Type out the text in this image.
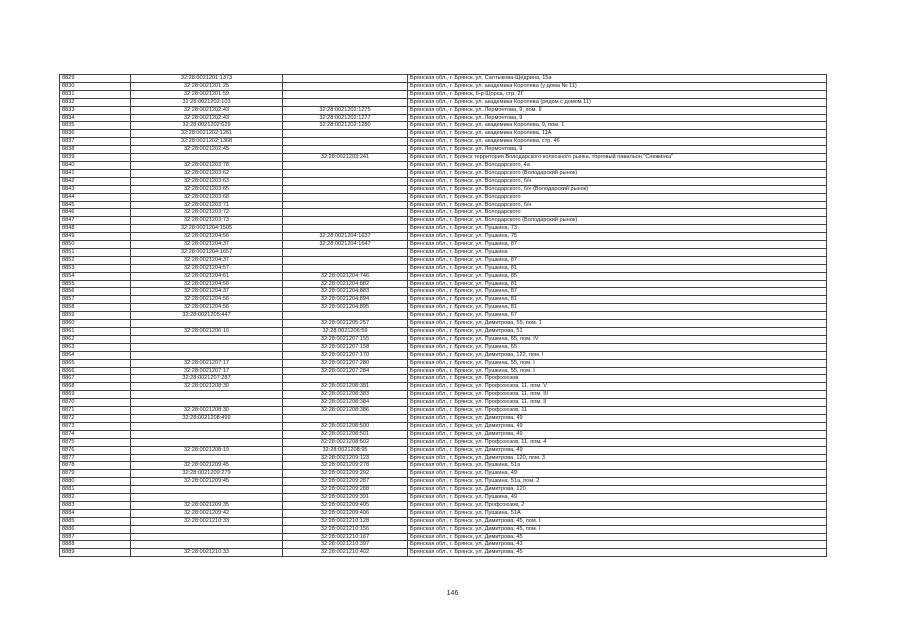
8829	32:28:0021201:1373		Брянская обл., г. Брянск, ул. Салтыкова-Щедрина, 15а
8830	32:28:0021201:25		Брянская обл., г. Брянск, ул. академика Королева (у дома № 11)
8831	32:28:0021201:59		Брянская обл., г. Брянск, б-р Щорса, стр. 2Г
8832	32:28:0021202:103		Брянская обл., г. Брянск, ул. академика Королева (рядом с домом 11)
8833	32:28:0021202:43	32:28:0021202:1275	Брянская обл., г. Брянск, ул. Лермонтова, 9, пом. II
8834	32:28:0021202:43	32:28:0021202:1277	Брянская обл., г. Брянск, ул. Лермонтова, 9
8835	32:28:0021202:629	32:28:0021202:1280	Брянская обл., г. Брянск, ул. академика Королева, 9, пом. 1
8836	32:28:0021202:1261		Брянская обл., г. Брянск, ул. академика Королева, 11А
8837	32:28:0021202:1368		Брянская обл., г. Брянск, ул. академика Королева, стр. 46
8838	32:28:0021202:45		Брянская обл., г. Брянск, ул. Лермонтова, 9
8839		32:28:0021203:241	Брянская обл., г. Брянск территория Володарского колхозного рынка, торговый павильон "Снежинка"
8840	32:28:0021203:78		Брянская обл., г. Брянск, ул. Володарского, 4а
8841	32:28:0021203:62		Брянская обл., г. Брянск, ул. Володарского (Володарский рынок)
8842	32:28:0021203:63		Брянская обл., г. Брянск, ул. Володарского, б/н
8843	32:28:0021203:65		Брянская обл., г. Брянск, ул. Володарского, б/н (Володарский рынок)
8844	32:28:0021203:68		Брянская обл., г. Брянск, ул. Володарского
8845	32:28:0021203:71		Брянская обл., г. Брянск, ул. Володарского, б/н
8846	32:28:0021203:72		Брянская обл., г. Брянск, ул. Володарского
8847	32:28:0021203:73		Брянская обл., г. Брянск, ул. Володарского (Володарский рынок)
8848	32:28:0021204:1505		Брянская обл., г. Брянск, ул. Пушкина, 73
8849	32:28:0021204:56	32:28:0021204:1637	Брянская обл., г. Брянск, ул. Пушкина, 75
8850	32:28:0021204:37	32:28:0021204:1647	Брянская обл., г. Брянск, ул. Пушкина, 87
8851	32:28:0021204:1657		Брянская обл., г. Брянск, ул. Пушкина
8852	32:28:0021204:37		Брянская обл., г. Брянск, ул. Пушкина, 87
8853	32:28:0021204:57		Брянская обл., г. Брянск, ул. Пушкина, 81
8854	32:28:0021204:61	32:28:0021204:746	Брянская обл., г. Брянск, ул. Пушкина, 85
8855	32:28:0021204:56	32:28:0021204:882	Брянская обл., г. Брянск, ул. Пушкина, 81
8856	32:28:0021204:37	32:28:0021204:883	Брянская обл., г. Брянск, ул. Пушкина, 87
8857	32:28:0021204:56	32:28:0021204:894	Брянская обл., г. Брянск, ул. Пушкина, 81
8858	32:28:0021204:56	32:28:0021204:895	Брянская обл., г. Брянск, ул. Пушкина, 81
8859	32:28:0021205:447		Брянская обл., г. Брянск, ул. Пушкина, 67
8860		32:28:0021205:257	Брянская обл., г. Брянск, ул. Димитрова, 55, пом. 1
8861	32:28:0021206:10	32:28:0021206:59	Брянская обл., г. Брянск, ул. Димитрова, 51
8862		32:28:0021207:155	Брянская обл., г. Брянск, ул. Пушкина, 65, пом. IV
8863		32:28:0021207:158	Брянская обл., г. Брянск, ул. Пушкина, 65
8864		32:28:0021207:170	Брянская обл., г. Брянск, ул. Димитрова, 122, пом. I
8865	32:28:0021207:17	32:28:0021207:280	Брянская обл., г. Брянск, ул. Пушкина, 55, пом. I
8866	32:28:0021207:17	32:28:0021207:284	Брянская обл., г. Брянск, ул. Пушкина, 55, пом. I
8867	32:28:0021207:287		Брянская обл., г. Брянск, ул. Профсоюзов
8868	32:28:0021208:30	32:28:0021208:381	Брянская обл., г. Брянск, ул. Профсоюзов, 11, пом. V
8869		32:28:0021208:383	Брянская обл., г. Брянск, ул. Профсоюзов, 11, пом. III
8870		32:28:0021208:384	Брянская обл., г. Брянск, ул. Профсоюзов, 11, пом. II
8871	32:28:0021208:30	32:28:0021208:386	Брянская обл., г. Брянск, ул. Профсоюзов, 11
8872	32:28:0021208:499		Брянская обл., г. Брянск, ул. Димитрова, 49
8873		32:28:0021208:500	Брянская обл., г. Брянск, ул. Димитрова, 49
8874		32:28:0021208:501	Брянская обл., г. Брянск, ул. Димитрова, 49
8875		32:28:0021208:502	Брянская обл., г. Брянск, ул. Профсоюзов, 11, пом. 4
8876	32:28:0021208:19	32:28:0021208:95	Брянская обл., г. Брянск, ул. Димитрова, 49
8877		32:28:0021209:123	Брянская обл., г. Брянск, ул. Димитрова, 120, пом. 3
8878	32:28:0021209:45	32:28:0021209:278	Брянская обл., г. Брянск, ул. Пушкина, 51а
8879	32:28:0021209:279	32:28:0021209:292	Брянская обл., г. Брянск, ул. Пушкина, 49
8880	32:28:0021209:45	32:28:0021209:287	Брянская обл., г. Брянск, ул. Пушкина, 51а, пом. 2
8881		32:28:0021209:288	Брянская обл., г. Брянск, ул. Димитрова, 120
8882		32:28:0021209:391	Брянская обл., г. Брянск, ул. Пушкина, 49
8883	32:28:0021209:35	32:28:0021209:405	Брянская обл., г. Брянск, ул. Профсоюзов, 2
8884	32:28:0021209:42	32:28:0021209:406	Брянская обл., г. Брянск, ул. Пушкина, 51А
8885	32:28:0021210:33	32:28:0021210:128	Брянская обл., г. Брянск, ул. Димитрова, 45, пом. I
8886		32:28:0021210:156	Брянская обл., г. Брянск, ул. Димитрова, 45, пом. I
8887		32:28:0021210:167	Брянская обл., г. Брянск, ул. Димитрова, 45
8888		32:28:0021210:397	Брянская обл., г. Брянск, ул. Димитрова, 43
8889	32:28:0021210:33	32:28:0021210:402	Брянская обл., г. Брянск, ул. Димитрова, 45
146
